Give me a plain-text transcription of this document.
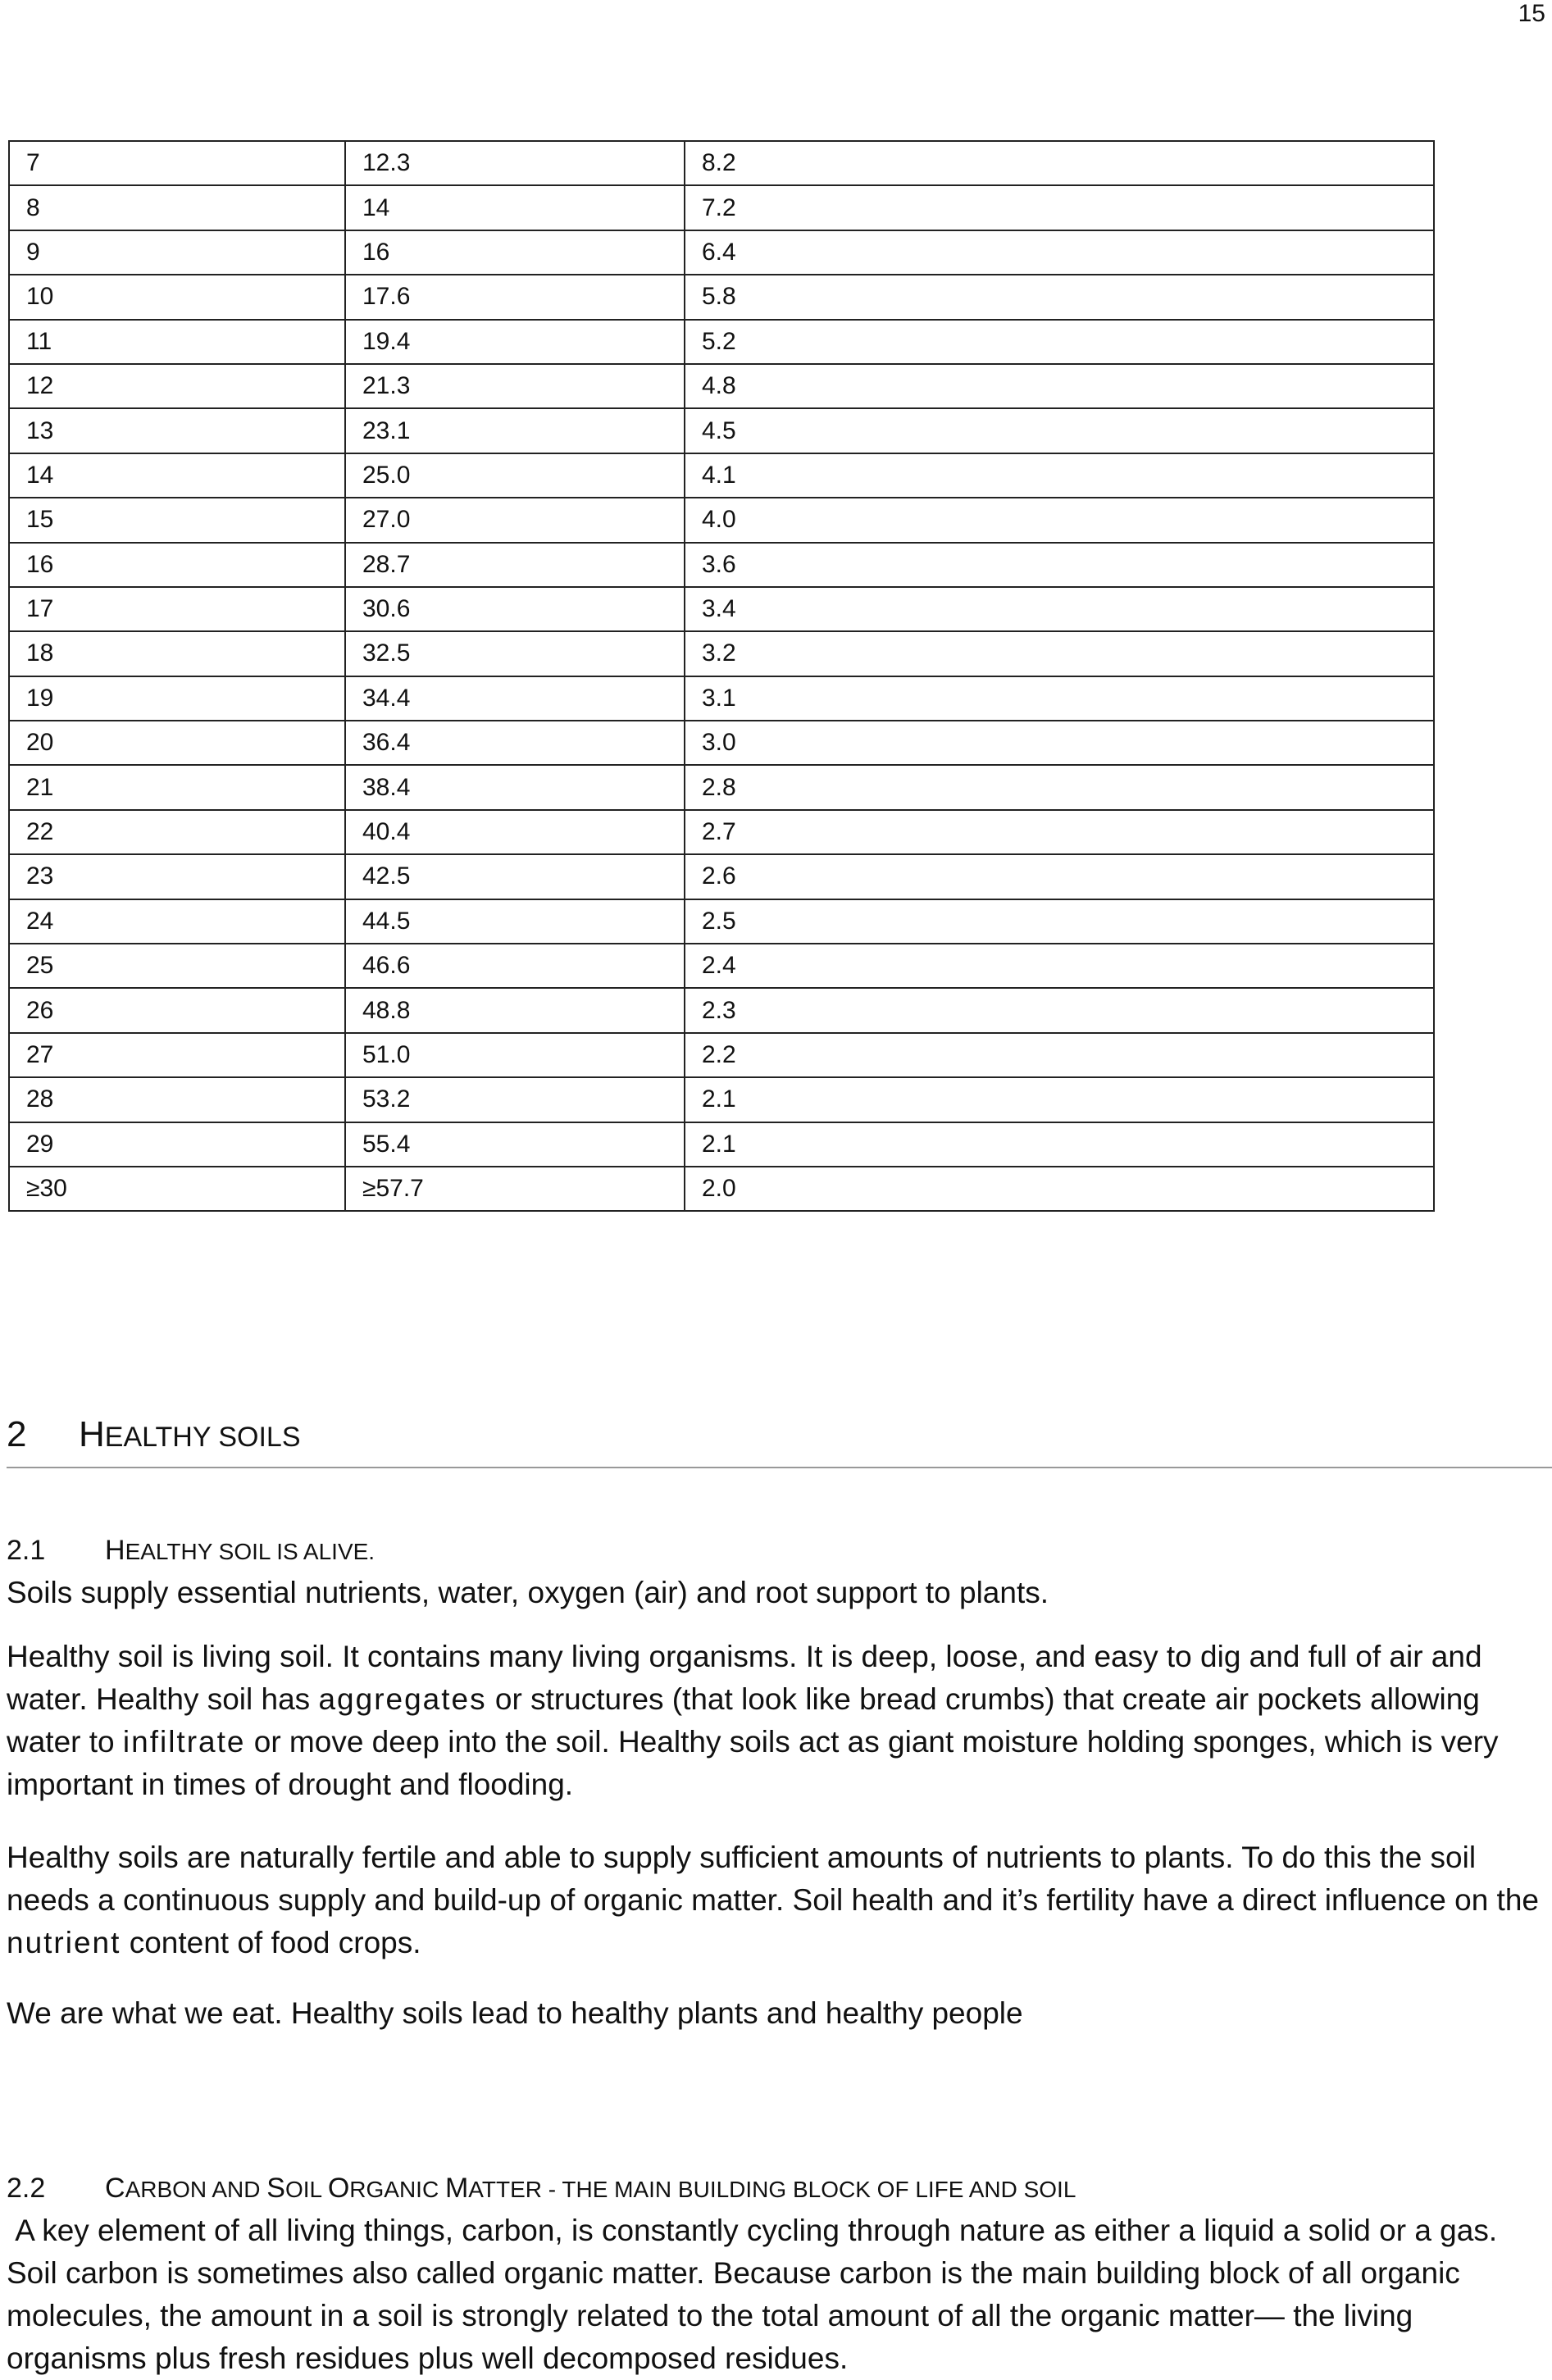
15
7	12.3	8.2
8	14	7.2
9	16	6.4
10	17.6	5.8
11	19.4	5.2
12	21.3	4.8
13	23.1	4.5
14	25.0	4.1
15	27.0	4.0
16	28.7	3.6
17	30.6	3.4
18	32.5	3.2
19	34.4	3.1
20	36.4	3.0
21	38.4	2.8
22	40.4	2.7
23	42.5	2.6
24	44.5	2.5
25	46.6	2.4
26	48.8	2.3
27	51.0	2.2
28	53.2	2.1
29	55.4	2.1
≥30	≥57.7	2.0
2 HEALTHY SOILS
2.1 HEALTHY SOIL IS ALIVE.

Soils supply essential nutrients, water, oxygen (air) and root support to plants.

Healthy soil is living soil. It contains many living organisms. It is deep, loose, and easy to dig and full of air and water. Healthy soil has aggregates or structures (that look like bread crumbs) that create air pockets allowing water to infiltrate or move deep into the soil. Healthy soils act as giant moisture holding sponges, which is very important in times of drought and flooding.

Healthy soils are naturally fertile and able to supply sufficient amounts of nutrients to plants. To do this the soil needs a continuous supply and build-up of organic matter. Soil health and it’s fertility have a direct influence on the nutrient content of food crops.

We are what we eat. Healthy soils lead to healthy plants and healthy people

2.2 CARBON AND SOIL ORGANIC MATTER - THE MAIN BUILDING BLOCK OF LIFE AND SOIL

A key element of all living things, carbon, is constantly cycling through nature as either a liquid a solid or a gas. Soil carbon is sometimes also called organic matter. Because carbon is the main building block of all organic molecules, the amount in a soil is strongly related to the total amount of all the organic matter— the living organisms plus fresh residues plus well decomposed residues.
